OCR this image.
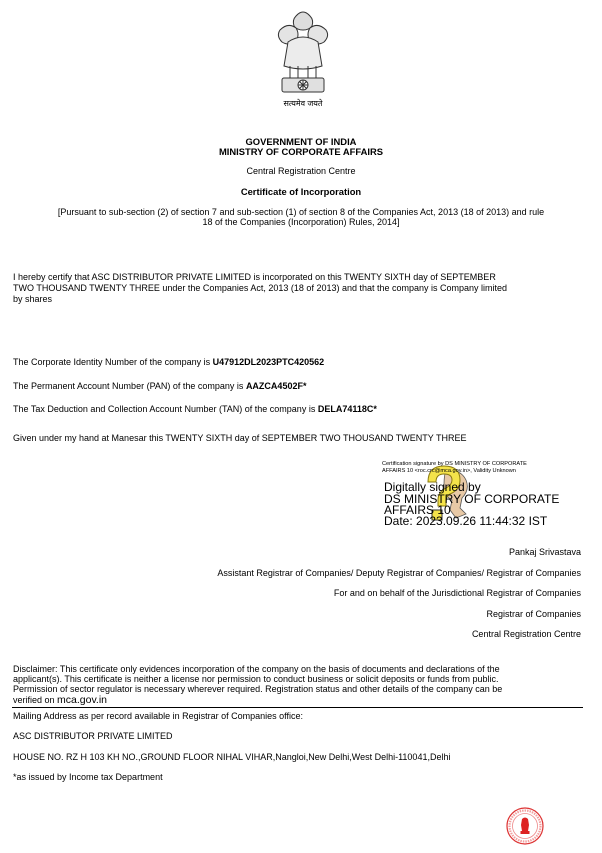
सत्यमेव जयते
GOVERNMENT OF INDIA
MINISTRY OF CORPORATE AFFAIRS
Central Registration Centre
Certificate of Incorporation
[Pursuant to sub-section (2) of section 7 and sub-section (1) of section 8 of the Companies Act, 2013 (18 of 2013) and rule
18 of the Companies (Incorporation) Rules, 2014]
I hereby certify that ASC DISTRIBUTOR PRIVATE LIMITED is incorporated on this TWENTY SIXTH day of SEPTEMBER
TWO THOUSAND TWENTY THREE under the Companies Act, 2013 (18 of 2013) and that the company is Company limited
by shares
The Corporate Identity Number of the company is U47912DL2023PTC420562
The Permanent Account Number (PAN) of the company is AAZCA4502F*
The Tax Deduction and Collection Account Number (TAN) of the company is DELA74118C*
Given under my hand at Manesar this TWENTY SIXTH day of SEPTEMBER TWO THOUSAND TWENTY THREE
Certification signature by DS MINISTRY OF CORPORATE
AFFAIRS 10 <roc.crc@mca.gov.in>, Validity Unknown
Digitally signed by
DS MINISTRY OF CORPORATE
AFFAIRS 10
Date: 2023.09.26 11:44:32 IST
Pankaj Srivastava
Assistant Registrar of Companies/ Deputy Registrar of Companies/ Registrar of Companies
For and on behalf of the Jurisdictional Registrar of Companies
Registrar of Companies
Central Registration Centre
Disclaimer: This certificate only evidences incorporation of the company on the basis of documents and declarations of the
applicant(s). This certificate is neither a license nor permission to conduct business or solicit deposits or funds from public.
Permission of sector regulator is necessary wherever required. Registration status and other details of the company can be
verified on mca.gov.in
Mailing Address as per record available in Registrar of Companies office:
ASC DISTRIBUTOR PRIVATE LIMITED
HOUSE NO. RZ H 103 KH NO.,GROUND FLOOR NIHAL VIHAR,Nangloi,New Delhi,West Delhi-110041,Delhi
*as issued by Income tax Department
